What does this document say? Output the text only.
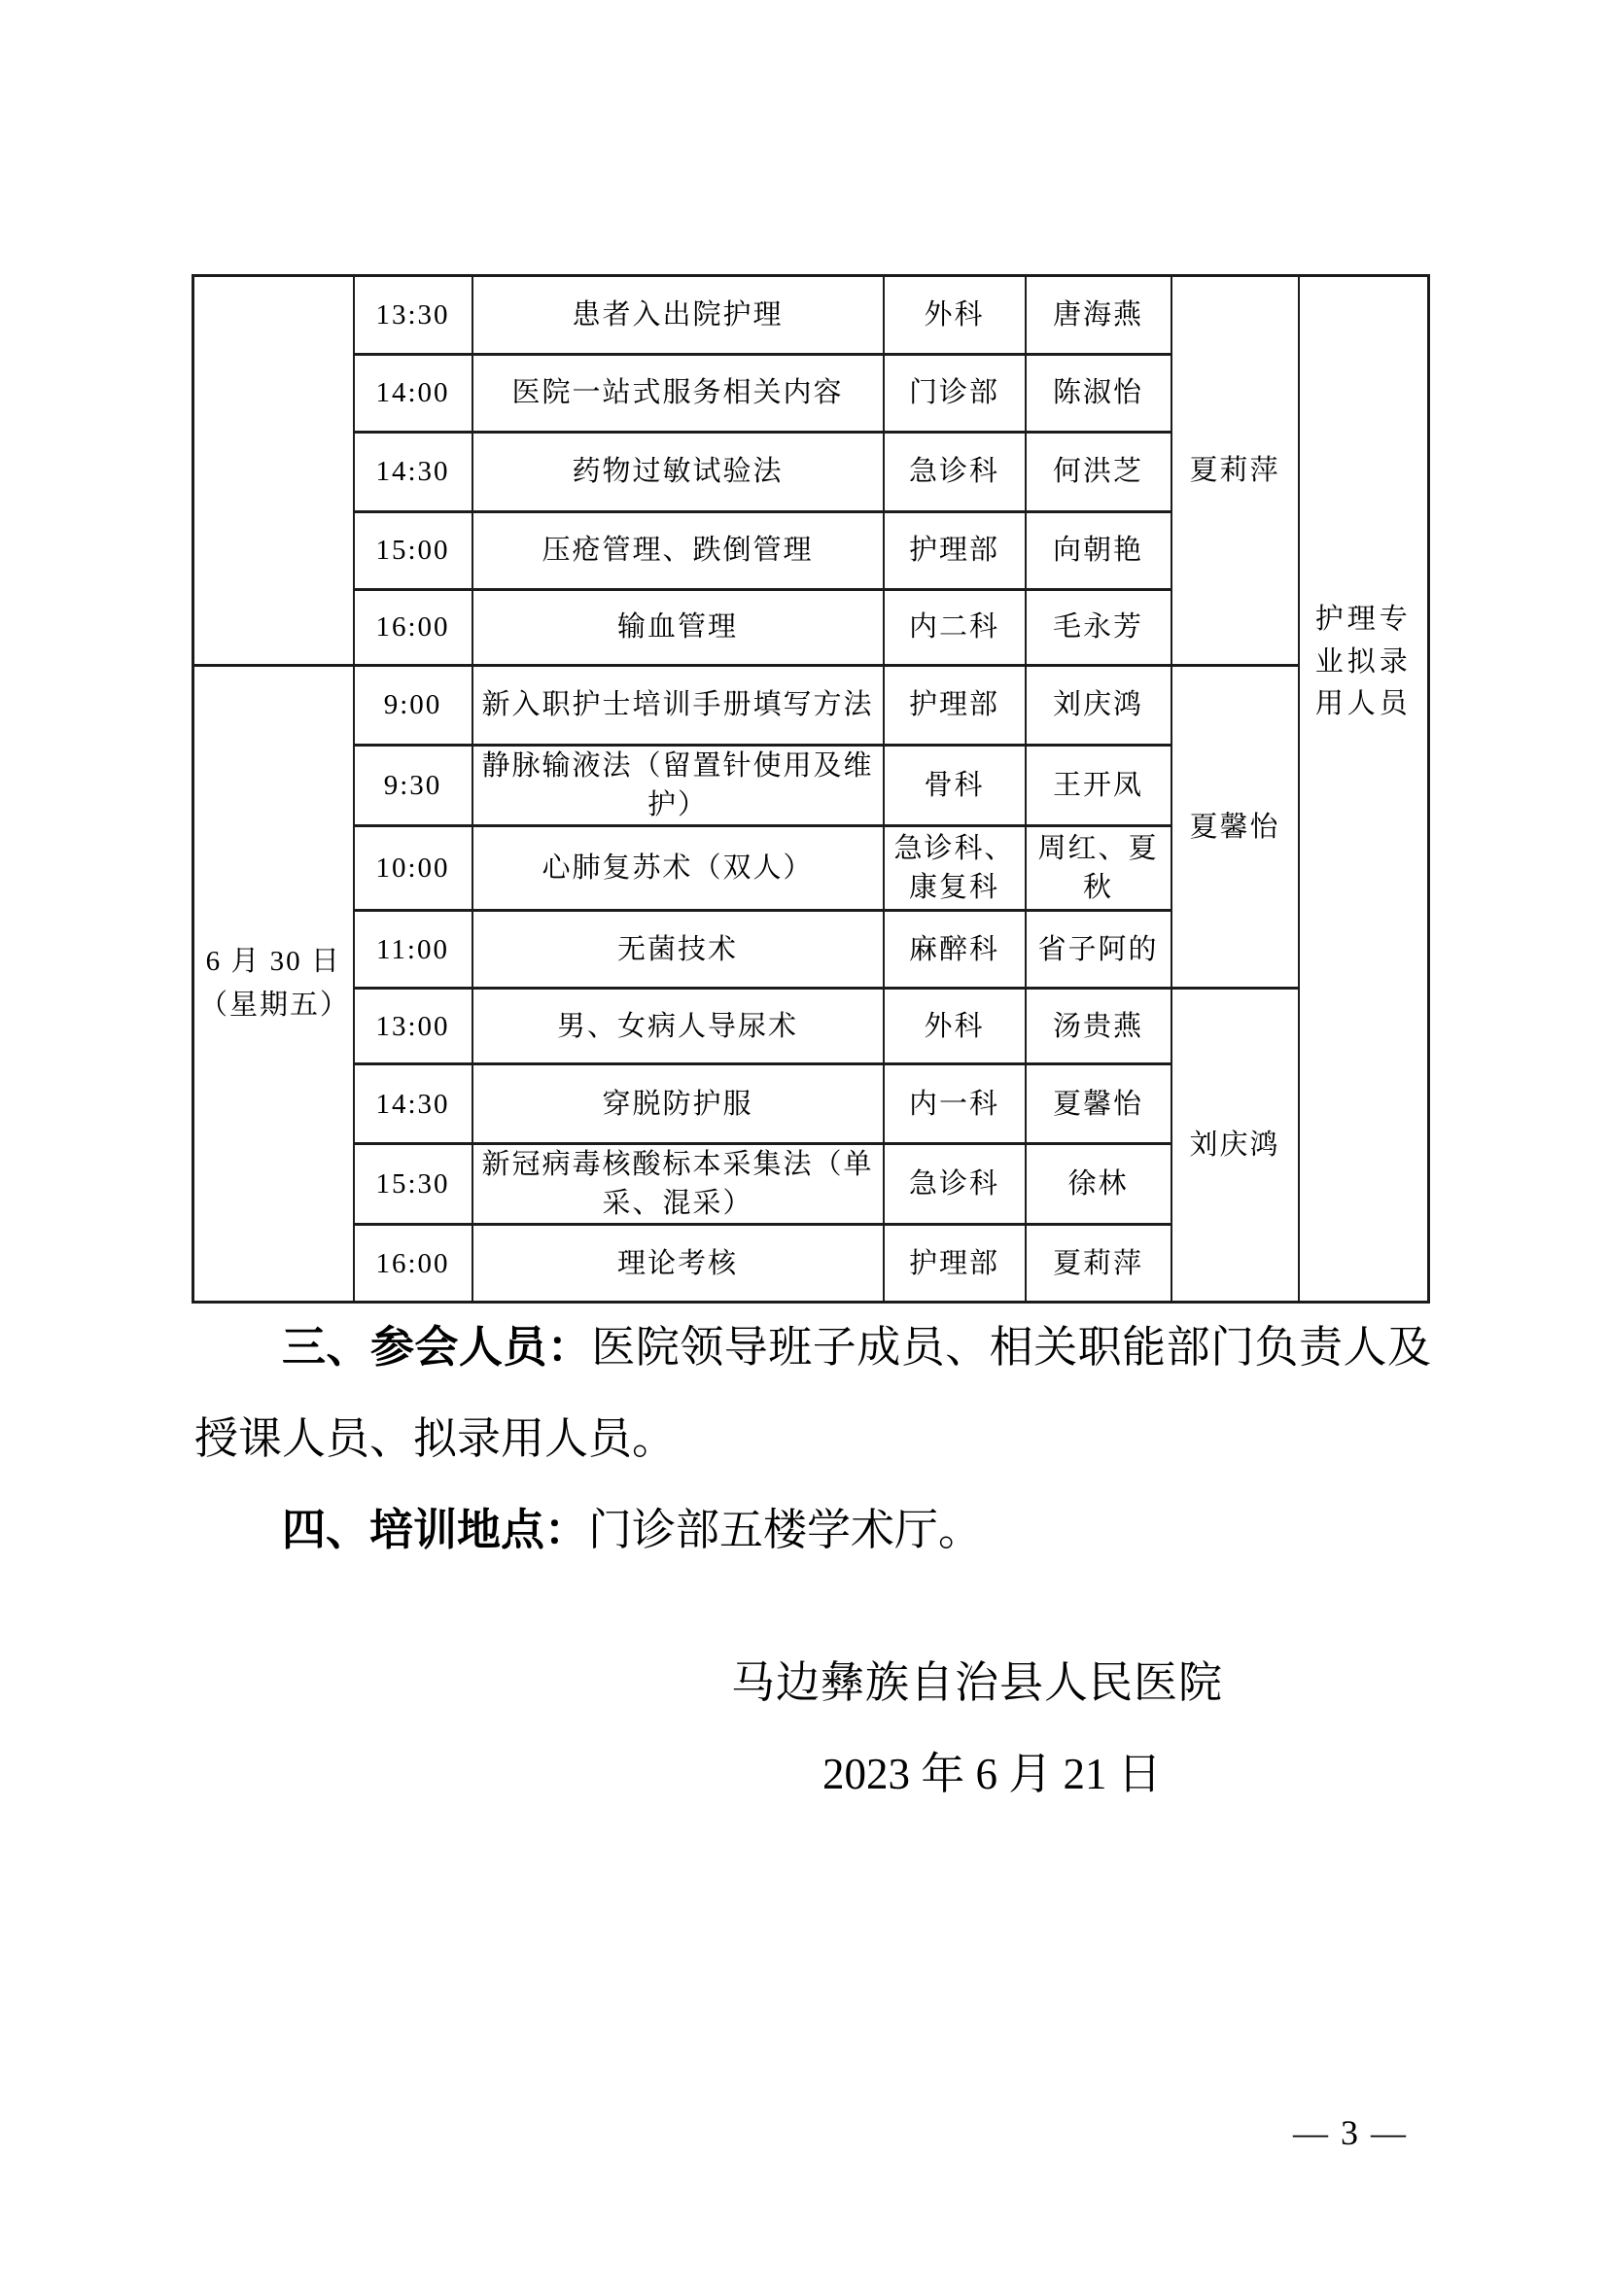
	13:30	患者入出院护理	外科	唐海燕	夏莉萍	护理专业拟录用人员

	14:00	医院一站式服务相关内容	门诊部	陈淑怡		
	14:30	药物过敏试验法	急诊科	何洪芝		
	15:00	压疮管理、跌倒管理	护理部	向朝艳		
	16:00	输血管理	内二科	毛永芳		

6 月 30 日
（星期五）	9:00	新入职护士培训手册填写方法	护理部	刘庆鸿	夏馨怡	
	9:30	静脉输液法（留置针使用及维护）	骨科	王开凤		
	10:00	心肺复苏术（双人）	急诊科、康复科	周红、夏秋		
	11:00	无菌技术	麻醉科	省子阿的		
	13:00	男、女病人导尿术	外科	汤贵燕	刘庆鸿	
	14:30	穿脱防护服	内一科	夏馨怡		
	15:30	新冠病毒核酸标本采集法（单采、混采）	急诊科	徐林		
	16:00	理论考核	护理部	夏莉萍		

三、参会人员：医院领导班子成员、相关职能部门负责人及授课人员、拟录用人员。

四、培训地点：门诊部五楼学术厅。

马边彝族自治县人民医院
2023 年 6 月 21 日
— 3 —
